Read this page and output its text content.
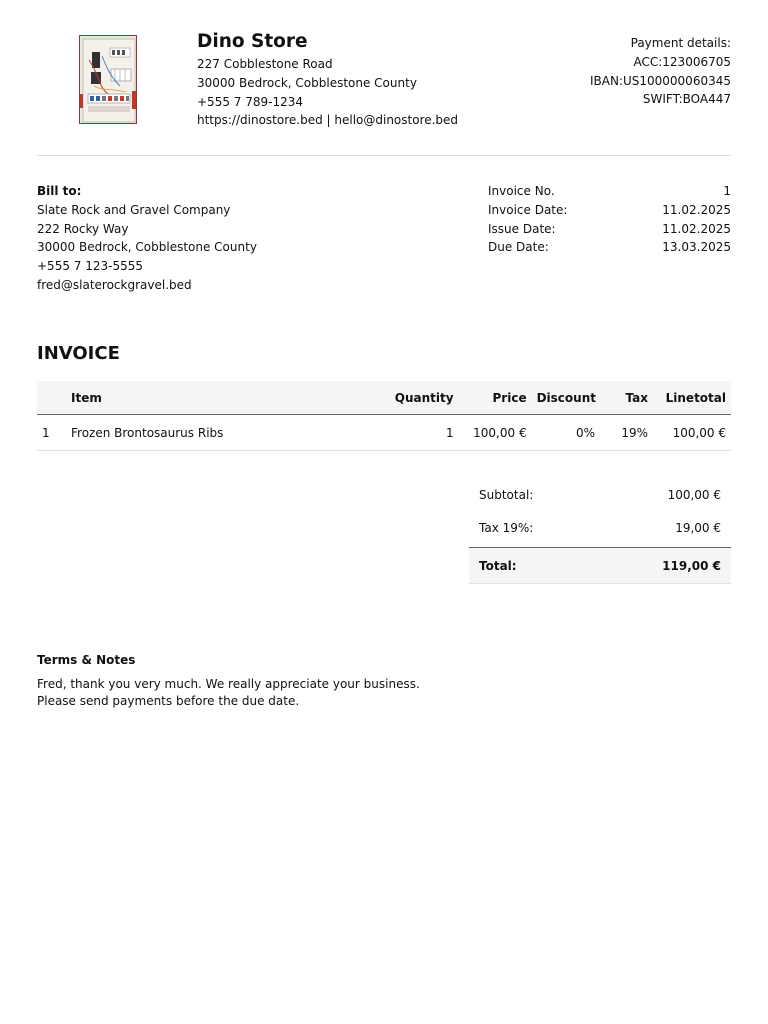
Dino Store
227 Cobblestone Road
30000 Bedrock, Cobblestone County
+555 7 789-1234
https://dinostore.bed | hello@dinostore.bed
Payment details:
ACC:123006705
IBAN:US100000060345
SWIFT:BOA447
Bill to:
Slate Rock and Gravel Company
222 Rocky Way
30000 Bedrock, Cobblestone County
+555 7 123-5555
fred@slaterockgravel.bed
Invoice No.	1
Invoice Date:	11.02.2025
Issue Date:	11.02.2025
Due Date:	13.03.2025
INVOICE
	Item	Quantity	Price	Discount	Tax	Linetotal
1	Frozen Brontosaurus Ribs	1	100,00 €	0%	19%	100,00 €
Subtotal:	100,00 €
Tax 19%:	19,00 €
Total:	119,00 €
Terms & Notes
Fred, thank you very much. We really appreciate your business.
Please send payments before the due date.
